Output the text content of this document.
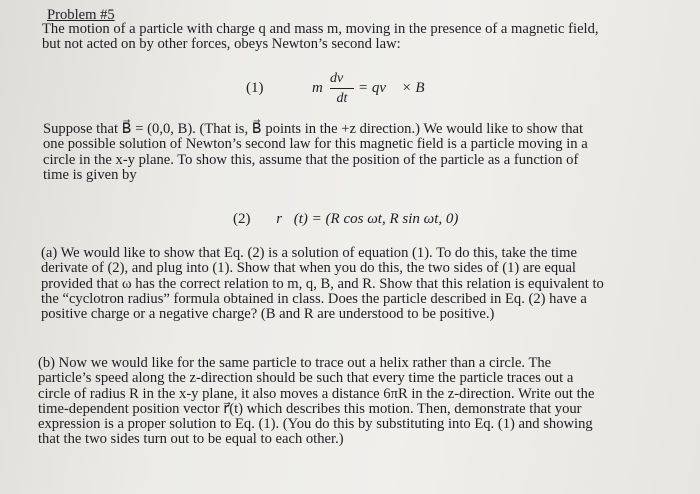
Problem #5
The motion of a particle with charge q and mass m, moving in the presence of a magnetic field,
but not acted on by other forces, obeys Newton’s second law:
(1)	m
dv⃗
dt
= qv⃗ × B⃗
Suppose that B⃗ = (0,0, B). (That is, B⃗ points in the +z direction.) We would like to show that
one possible solution of Newton’s second law for this magnetic field is a particle moving in a
circle in the x-y plane. To show this, assume that the position of the particle as a function of
time is given by
(2) r⃗(t) = (R cos ωt, R sin ωt, 0)
(a) We would like to show that Eq. (2) is a solution of equation (1). To do this, take the time
derivate of (2), and plug into (1). Show that when you do this, the two sides of (1) are equal
provided that ω has the correct relation to m, q, B, and R. Show that this relation is equivalent to
the “cyclotron radius” formula obtained in class. Does the particle described in Eq. (2) have a
positive charge or a negative charge? (B and R are understood to be positive.)
(b) Now we would like for the same particle to trace out a helix rather than a circle. The
particle’s speed along the z-direction should be such that every time the particle traces out a
circle of radius R in the x-y plane, it also moves a distance 6πR in the z-direction. Write out the
time-dependent position vector r⃗(t) which describes this motion. Then, demonstrate that your
expression is a proper solution to Eq. (1). (You do this by substituting into Eq. (1) and showing
that the two sides turn out to be equal to each other.)
